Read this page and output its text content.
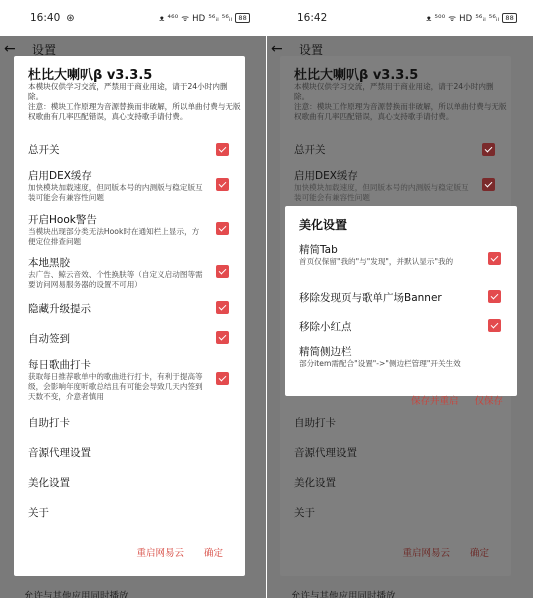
16:40 ⊛	ᴥ ⁴⁶⁰ ᯤ HD ⁵⁶ᵢₗ ⁵⁶ᵢₗ 88
杜比大喇叭β v3.3.5
本模块仅供学习交流，严禁用于商业用途，请于24小时内删除。
注意：模块工作原理为音源替换而非破解，所以单曲付费与无版权歌曲有几率匹配错误，真心支持歌手请付费。
总开关
启用DEX缓存
加快模块加载速度，但同版本号的内测版与稳定版互装可能会有兼容性问题
开启Hook警告
当模块出现部分类无法Hook时在通知栏上显示，方便定位排查问题
本地黑胶
去广告、鲸云音效、个性换肤等（自定义启动图等需要访问网易服务器的设置不可用）
隐藏升级提示
自动签到
每日歌曲打卡
获取每日推荐歌单中的歌曲进行打卡，有利于提高等级，会影响年度听歌总结且有可能会导致几天内签到天数不变，介意者慎用
自助打卡
音源代理设置
美化设置
关于
重启网易云 确定
16:42	ᴥ ⁵⁰⁰ ᯤ HD ⁵⁶ᵢₗ ⁵⁶ᵢₗ 88
杜比大喇叭β v3.3.5
本模块仅供学习交流，严禁用于商业用途，请于24小时内删除。
注意：模块工作原理为音源替换而非破解，所以单曲付费与无版权歌曲有几率匹配错误，真心支持歌手请付费。
总开关
启用DEX缓存
加快模块加载速度，但同版本号的内测版与稳定版互装可能会有兼容性问题
自助打卡
音源代理设置
美化设置
关于
重启网易云 确定
美化设置
精简Tab
首页仅保留"我的"与"发现"，并默认显示"我的
移除发现页与歌单广场Banner
移除小红点
精简侧边栏
部分item需配合"设置"->"侧边栏管理"开关生效
保存并重启 仅保存
